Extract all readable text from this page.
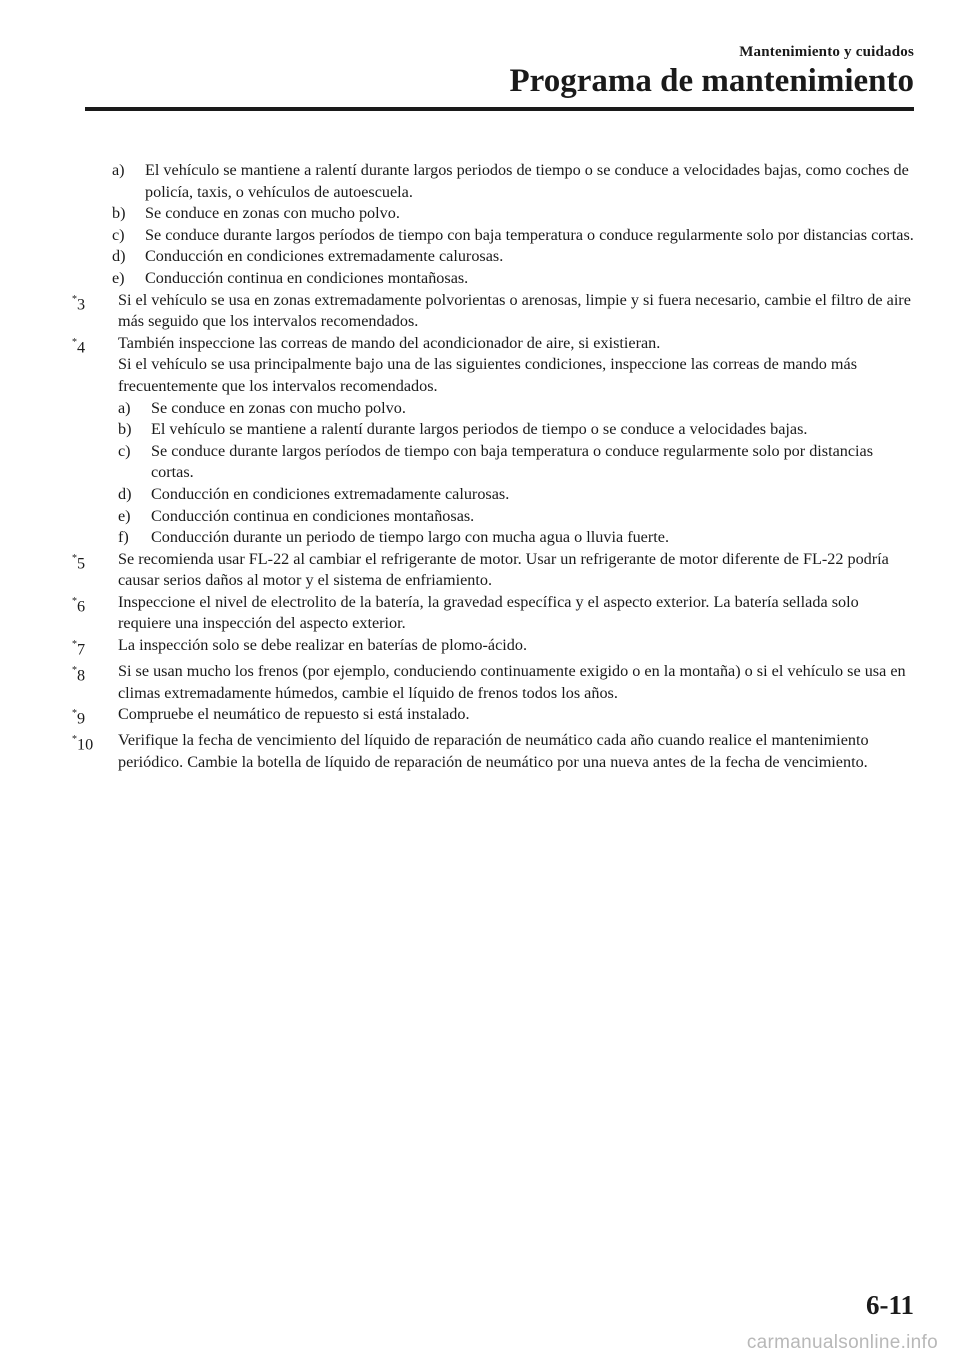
Mantenimiento y cuidados
Programa de mantenimiento
a)	El vehículo se mantiene a ralentí durante largos periodos de tiempo o se conduce a velocidades bajas, como coches de policía, taxis, o vehículos de autoescuela.
b)	Se conduce en zonas con mucho polvo.
c)	Se conduce durante largos períodos de tiempo con baja temperatura o conduce regularmente solo por distancias cortas.
d)	Conducción en condiciones extremadamente calurosas.
e)	Conducción continua en condiciones montañosas.
*3	Si el vehículo se usa en zonas extremadamente polvorientas o arenosas, limpie y si fuera necesario, cambie el filtro de aire más seguido que los intervalos recomendados.
*4	También inspeccione las correas de mando del acondicionador de aire, si existieran.
Si el vehículo se usa principalmente bajo una de las siguientes condiciones, inspeccione las correas de mando más frecuentemente que los intervalos recomendados.
a)	Se conduce en zonas con mucho polvo.
b)	El vehículo se mantiene a ralentí durante largos periodos de tiempo o se conduce a velocidades bajas.
c)	Se conduce durante largos períodos de tiempo con baja temperatura o conduce regularmente solo por distancias cortas.
d)	Conducción en condiciones extremadamente calurosas.
e)	Conducción continua en condiciones montañosas.
f)	Conducción durante un periodo de tiempo largo con mucha agua o lluvia fuerte.
*5	Se recomienda usar FL-22 al cambiar el refrigerante de motor. Usar un refrigerante de motor diferente de FL-22 podría causar serios daños al motor y el sistema de enfriamiento.
*6	Inspeccione el nivel de electrolito de la batería, la gravedad específica y el aspecto exterior. La batería sellada solo requiere una inspección del aspecto exterior.
*7	La inspección solo se debe realizar en baterías de plomo-ácido.
*8	Si se usan mucho los frenos (por ejemplo, conduciendo continuamente exigido o en la montaña) o si el vehículo se usa en climas extremadamente húmedos, cambie el líquido de frenos todos los años.
*9	Compruebe el neumático de repuesto si está instalado.
*10	Verifique la fecha de vencimiento del líquido de reparación de neumático cada año cuando realice el mantenimiento periódico. Cambie la botella de líquido de reparación de neumático por una nueva antes de la fecha de vencimiento.
6-11
carmanualsonline.info
